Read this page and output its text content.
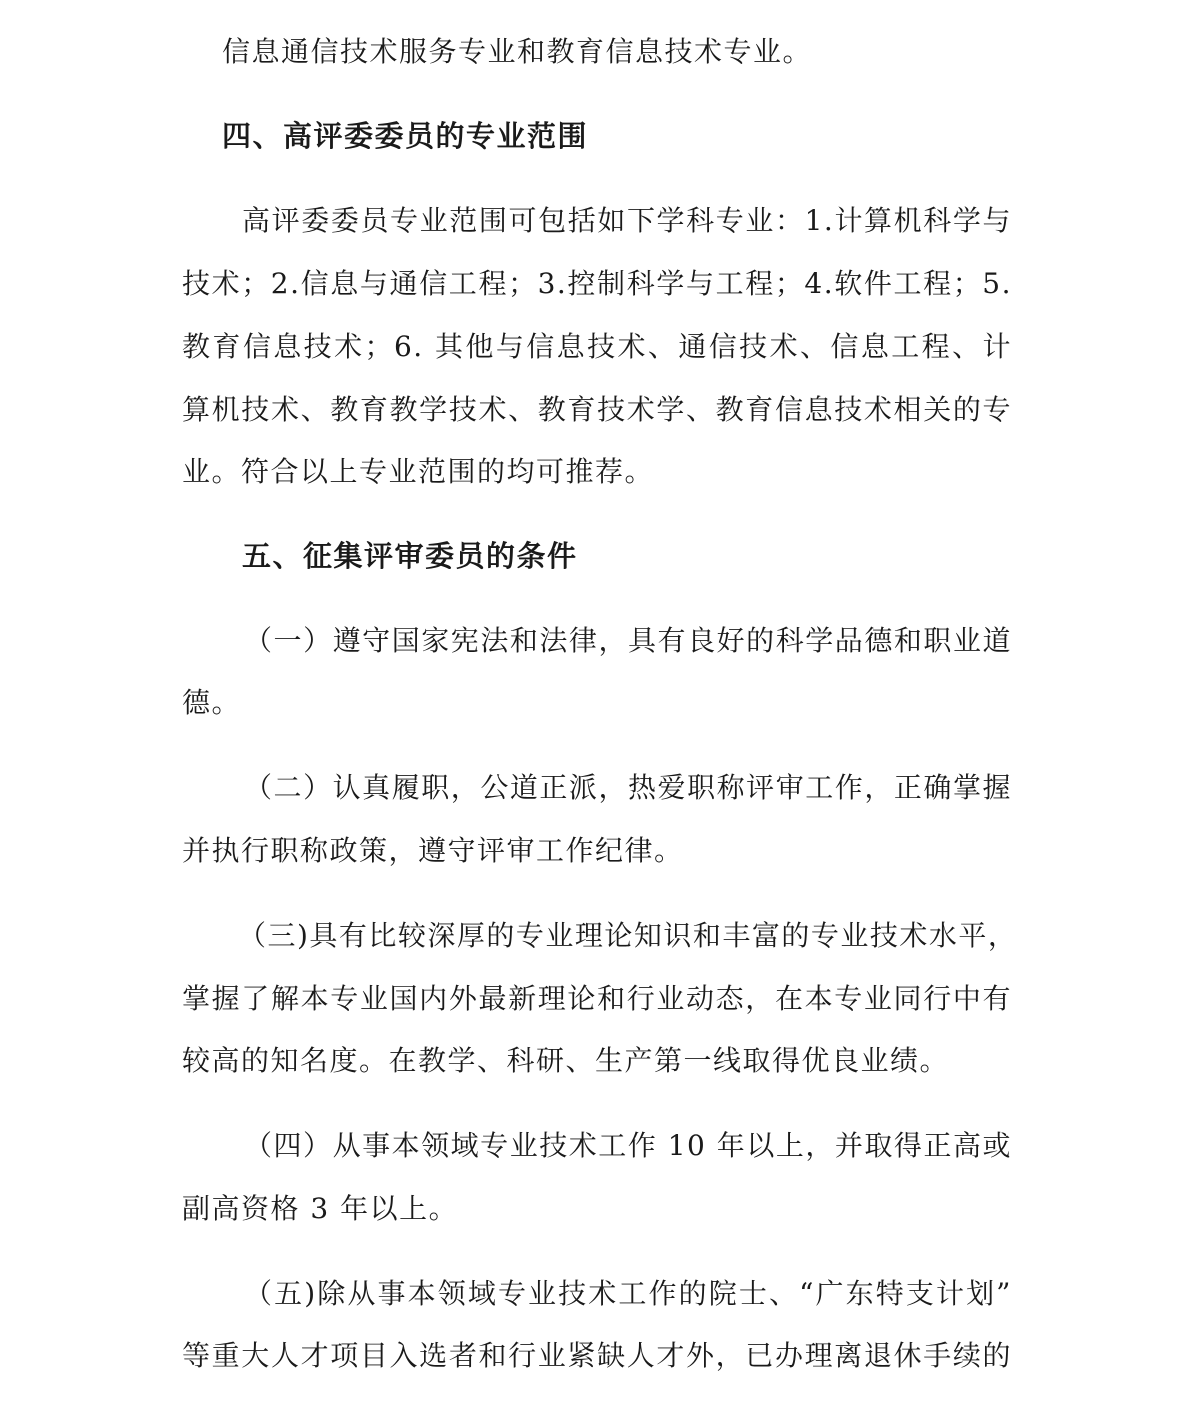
信息通信技术服务专业和教育信息技术专业。
四、高评委委员的专业范围
高评委委员专业范围可包括如下学科专业：1.计算机科学与
技术；2.信息与通信工程；3.控制科学与工程；4.软件工程；5.
教育信息技术；6. 其他与信息技术、通信技术、信息工程、计
算机技术、教育教学技术、教育技术学、教育信息技术相关的专
业。符合以上专业范围的均可推荐。
五、征集评审委员的条件
（一）遵守国家宪法和法律，具有良好的科学品德和职业道
德。
（二）认真履职，公道正派，热爱职称评审工作，正确掌握
并执行职称政策，遵守评审工作纪律。
（三)具有比较深厚的专业理论知识和丰富的专业技术水平，
掌握了解本专业国内外最新理论和行业动态，在本专业同行中有
较高的知名度。在教学、科研、生产第一线取得优良业绩。
（四）从事本领域专业技术工作 10 年以上，并取得正高或
副高资格 3 年以上。
（五)除从事本领域专业技术工作的院士、“广东特支计划”
等重大人才项目入选者和行业紧缺人才外，已办理离退休手续的
